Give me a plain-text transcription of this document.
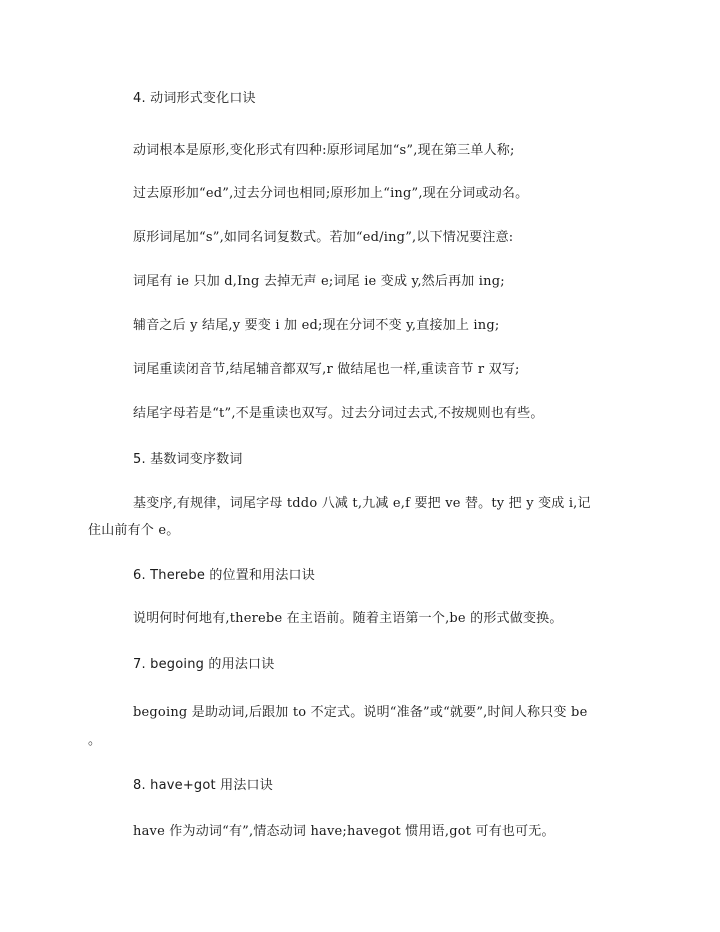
4. 动词形式变化口诀
动词根本是原形,变化形式有四种:原形词尾加“s”,现在第三单人称;
过去原形加“ed”,过去分词也相同;原形加上“ing”,现在分词或动名。
原形词尾加“s”,如同名词复数式。若加“ed/ing”,以下情况要注意:
词尾有 ie 只加 d,Ing 去掉无声 e;词尾 ie 变成 y,然后再加 ing;
辅音之后 y 结尾,y 要变 i 加 ed;现在分词不变 y,直接加上 ing;
词尾重读闭音节,结尾辅音都双写,r 做结尾也一样,重读音节 r 双写;
结尾字母若是“t”,不是重读也双写。过去分词过去式,不按规则也有些。
5. 基数词变序数词
基变序,有规律，词尾字母 tddo 八减 t,九减 e,f 要把 ve 替。ty 把 y 变成 i,记
住山前有个 e。
6. Therebe 的位置和用法口诀
说明何时何地有,therebe 在主语前。随着主语第一个,be 的形式做变换。
7. begoing 的用法口诀
begoing 是助动词,后跟加 to 不定式。说明“准备”或“就要”,时间人称只变 be
。
8. have+got 用法口诀
have 作为动词“有”,情态动词 have;havegot 惯用语,got 可有也可无。
